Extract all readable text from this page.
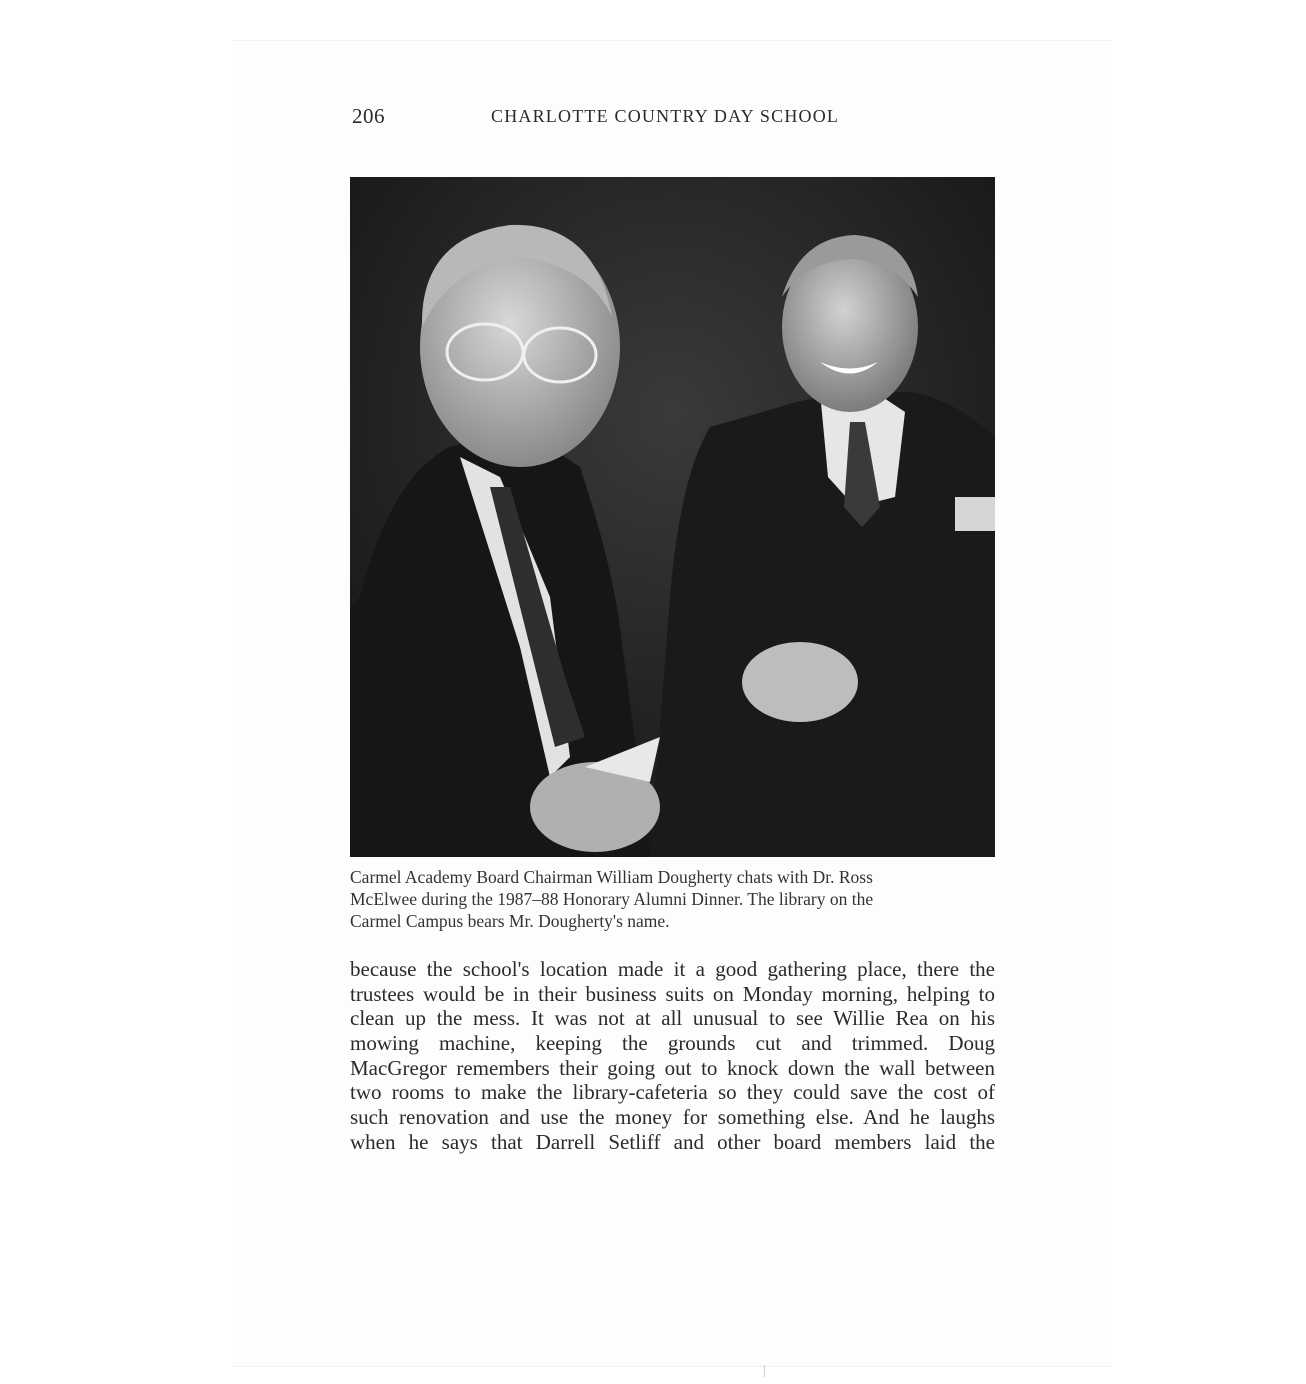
206	CHARLOTTE COUNTRY DAY SCHOOL
Carmel Academy Board Chairman William Dougherty chats with Dr. Ross
McElwee during the 1987–88 Honorary Alumni Dinner. The library on the
Carmel Campus bears Mr. Dougherty's name.
because the school's location made it a good gathering place, there the
trustees would be in their business suits on Monday morning, helping to
clean up the mess. It was not at all unusual to see Willie Rea on his
mowing machine, keeping the grounds cut and trimmed. Doug
MacGregor remembers their going out to knock down the wall between
two rooms to make the library-cafeteria so they could save the cost of
such renovation and use the money for something else. And he laughs
when he says that Darrell Setliff and other board members laid the
